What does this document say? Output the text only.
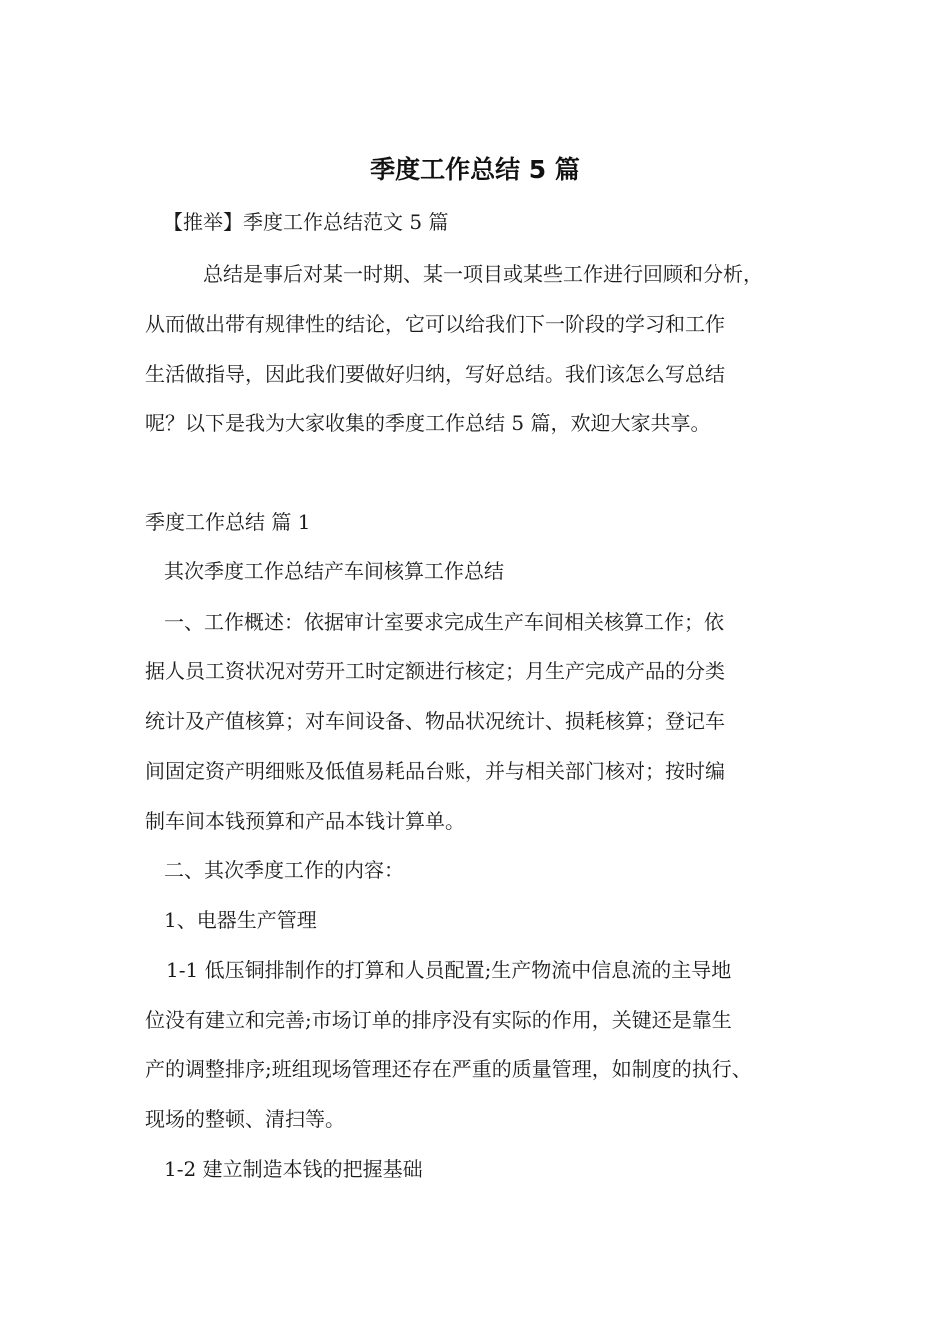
季度工作总结 5 篇
【推举】季度工作总结范文 5 篇
总结是事后对某一时期、某一项目或某些工作进行回顾和分析，
从而做出带有规律性的结论，它可以给我们下一阶段的学习和工作
生活做指导，因此我们要做好归纳，写好总结。我们该怎么写总结
呢？以下是我为大家收集的季度工作总结 5 篇，欢迎大家共享。
季度工作总结 篇 1
其次季度工作总结产车间核算工作总结
一、工作概述：依据审计室要求完成生产车间相关核算工作；依
据人员工资状况对劳开工时定额进行核定；月生产完成产品的分类
统计及产值核算；对车间设备、物品状况统计、损耗核算；登记车
间固定资产明细账及低值易耗品台账，并与相关部门核对；按时编
制车间本钱预算和产品本钱计算单。
二、其次季度工作的内容：
1、电器生产管理
1-1 低压铜排制作的打算和人员配置;生产物流中信息流的主导地
位没有建立和完善;市场订单的排序没有实际的作用，关键还是靠生
产的调整排序;班组现场管理还存在严重的质量管理，如制度的执行、
现场的整顿、清扫等。
1-2 建立制造本钱的把握基础
